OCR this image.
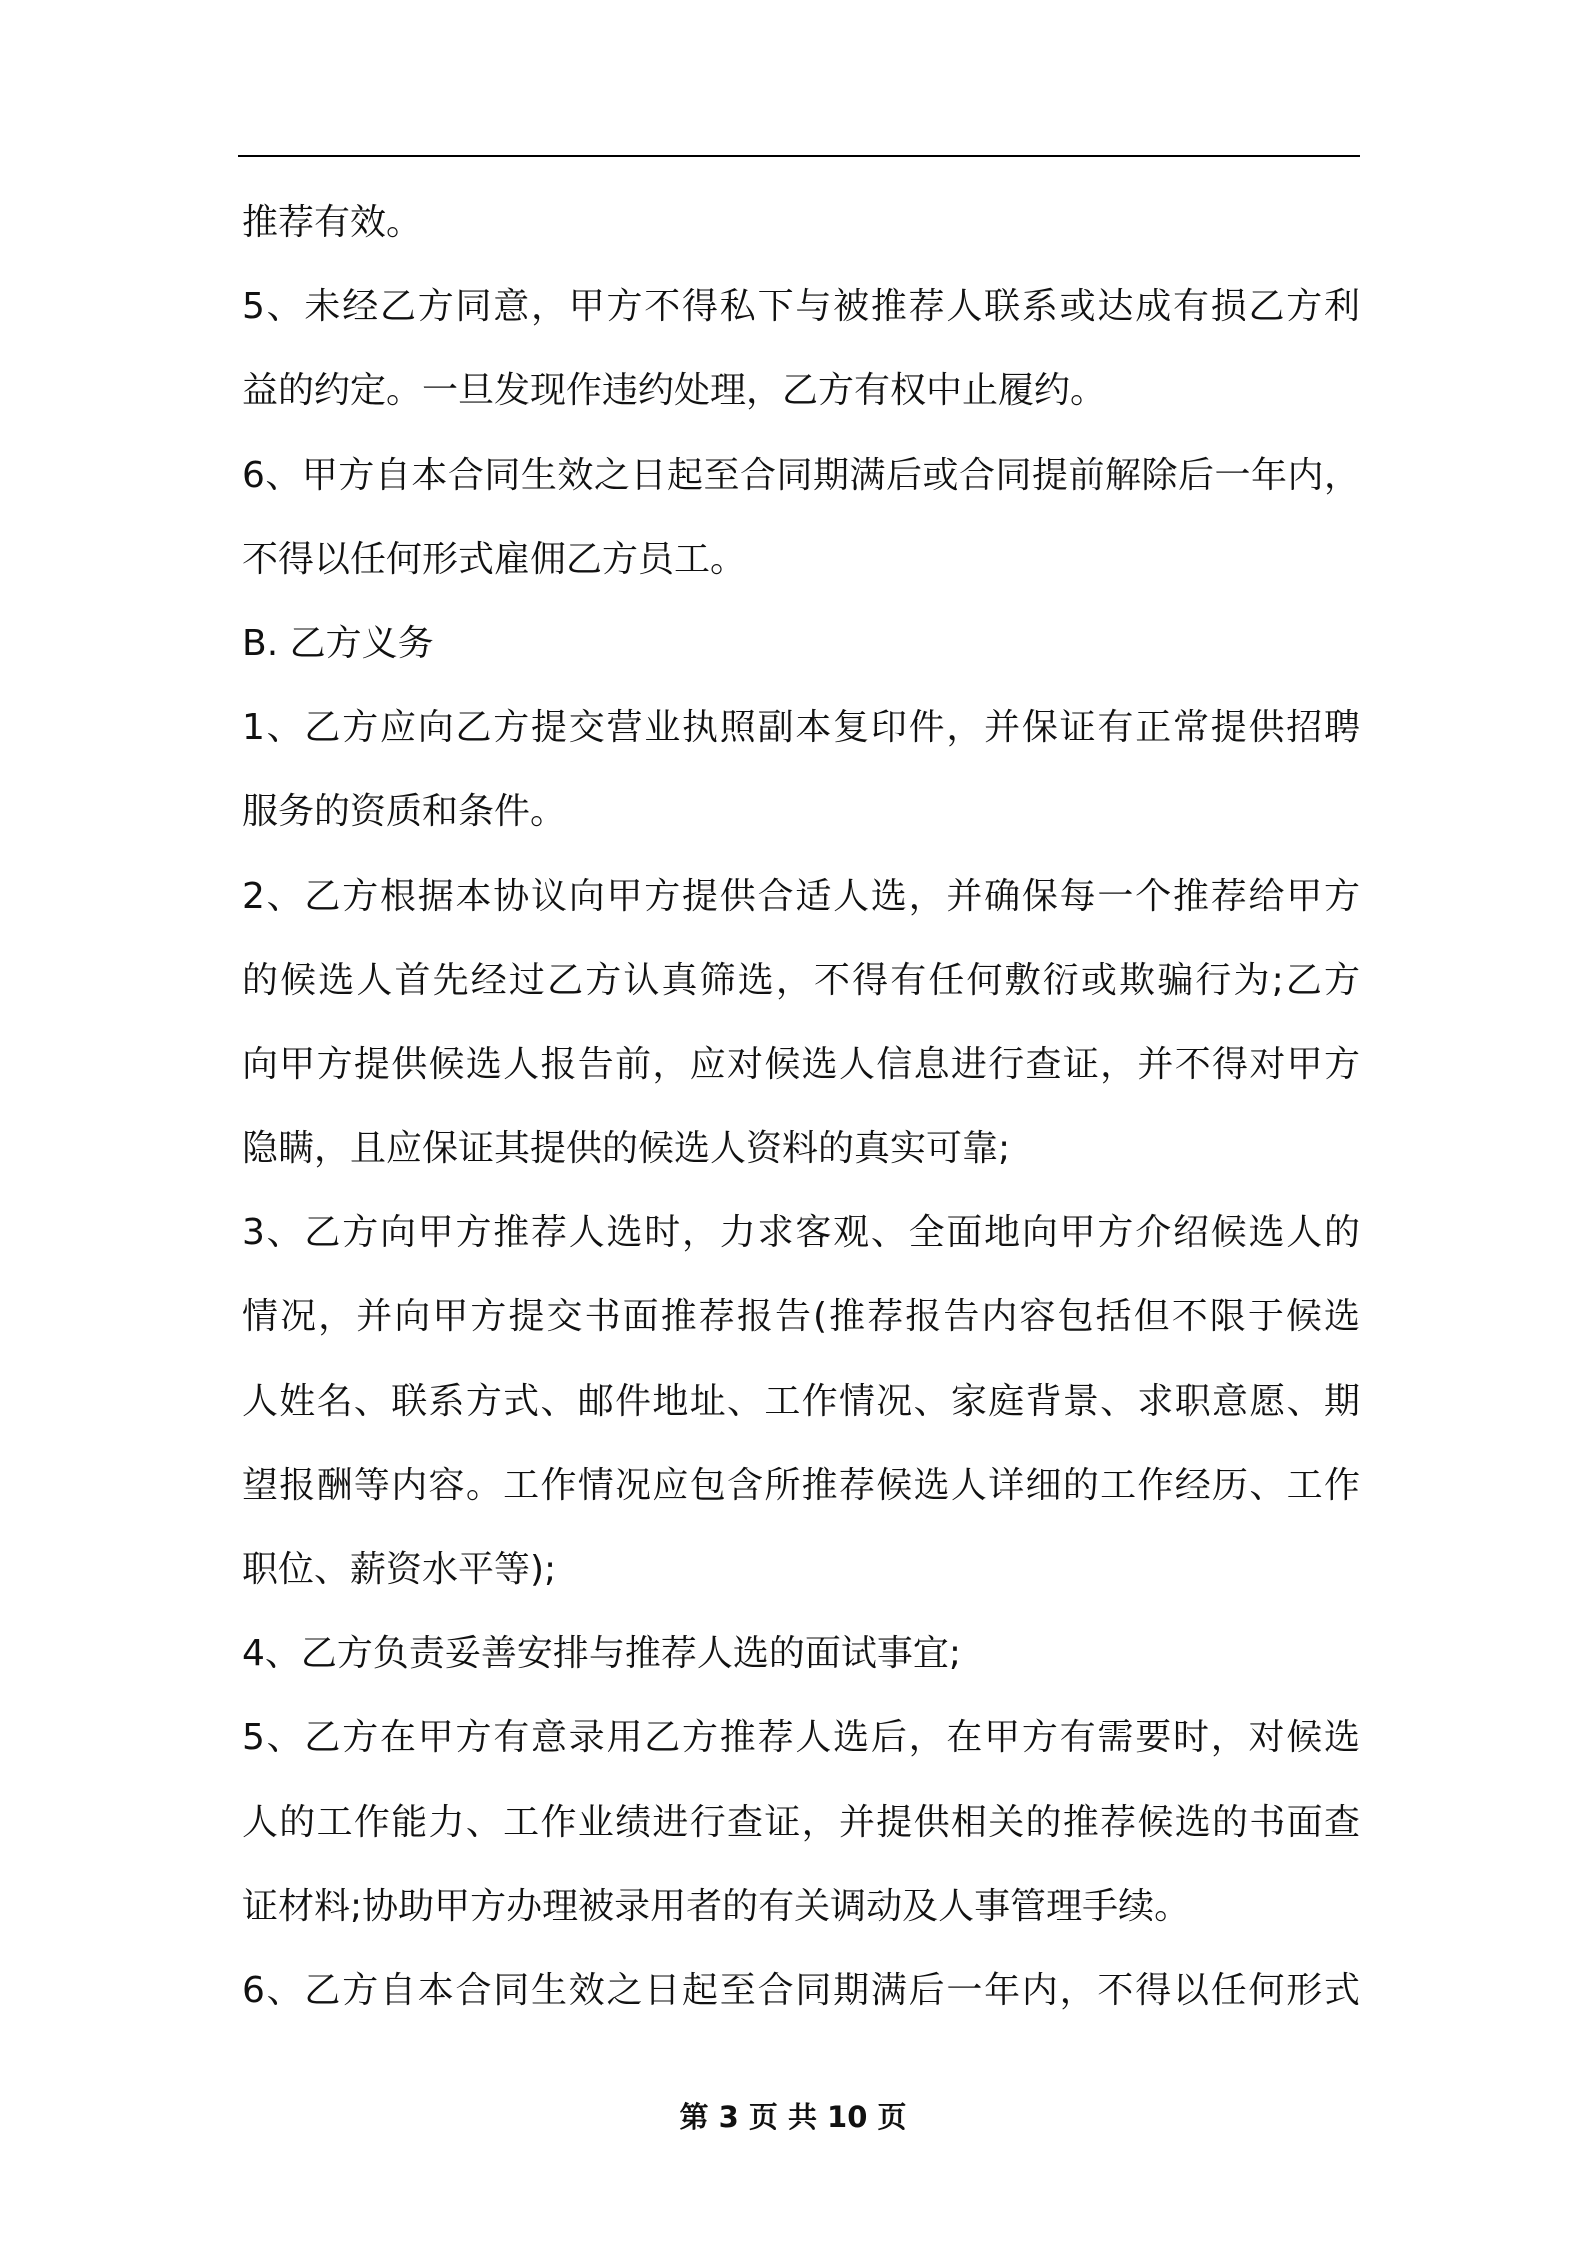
推荐有效。
5、未经乙方同意，甲方不得私下与被推荐人联系或达成有损乙方利
益的约定。一旦发现作违约处理，乙方有权中止履约。
6、甲方自本合同生效之日起至合同期满后或合同提前解除后一年内，
不得以任何形式雇佣乙方员工。
B. 乙方义务
1、乙方应向乙方提交营业执照副本复印件，并保证有正常提供招聘
服务的资质和条件。
2、乙方根据本协议向甲方提供合适人选，并确保每一个推荐给甲方
的候选人首先经过乙方认真筛选，不得有任何敷衍或欺骗行为;乙方
向甲方提供候选人报告前，应对候选人信息进行查证，并不得对甲方
隐瞒，且应保证其提供的候选人资料的真实可靠;
3、乙方向甲方推荐人选时，力求客观、全面地向甲方介绍候选人的
情况，并向甲方提交书面推荐报告(推荐报告内容包括但不限于候选
人姓名、联系方式、邮件地址、工作情况、家庭背景、求职意愿、期
望报酬等内容。工作情况应包含所推荐候选人详细的工作经历、工作
职位、薪资水平等);
4、乙方负责妥善安排与推荐人选的面试事宜;
5、乙方在甲方有意录用乙方推荐人选后，在甲方有需要时，对候选
人的工作能力、工作业绩进行查证，并提供相关的推荐候选的书面查
证材料;协助甲方办理被录用者的有关调动及人事管理手续。
6、乙方自本合同生效之日起至合同期满后一年内，不得以任何形式
第 3 页 共 10 页
